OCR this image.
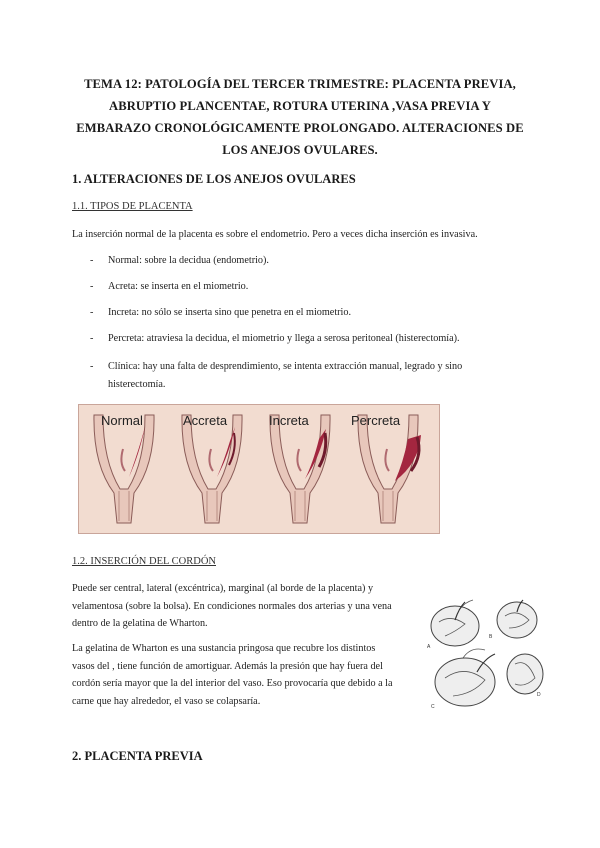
TEMA 12: PATOLOGÍA DEL TERCER TRIMESTRE: PLACENTA PREVIA,
ABRUPTIO PLANCENTAE, ROTURA UTERINA ,VASA PREVIA Y
EMBARAZO CRONOLÓGICAMENTE PROLONGADO. ALTERACIONES DE
LOS ANEJOS OVULARES.
1. ALTERACIONES DE LOS ANEJOS OVULARES
1.1. TIPOS DE PLACENTA
La inserción normal de la placenta es sobre el endometrio. Pero a veces dicha inserción es invasiva.
- Normal: sobre la decidua (endometrio).
- Acreta: se inserta en el miometrio.
- Increta: no sólo se inserta sino que penetra en el miometrio.
- Percreta: atraviesa la decidua, el miometrio y llega a serosa peritoneal (histerectomía).
- Clínica: hay una falta de desprendimiento, se intenta extracción manual, legrado y sino
histerectomía.
Normal	Accreta	Increta	Percreta
1.2. INSERCIÓN DEL CORDÓN
Puede ser central, lateral (excéntrica), marginal (al borde de la placenta) y
velamentosa (sobre la bolsa). En condiciones normales dos arterias y una vena
dentro de la gelatina de Wharton.
La gelatina de Wharton es una sustancia pringosa que recubre los distintos
vasos del , tiene función de amortiguar. Además la presión que hay fuera del
cordón sería mayor que la del interior del vaso. Eso provocaría que debido a la
carne que hay alrededor, el vaso se colapsaría.
A
B
C
D
2. PLACENTA PREVIA
